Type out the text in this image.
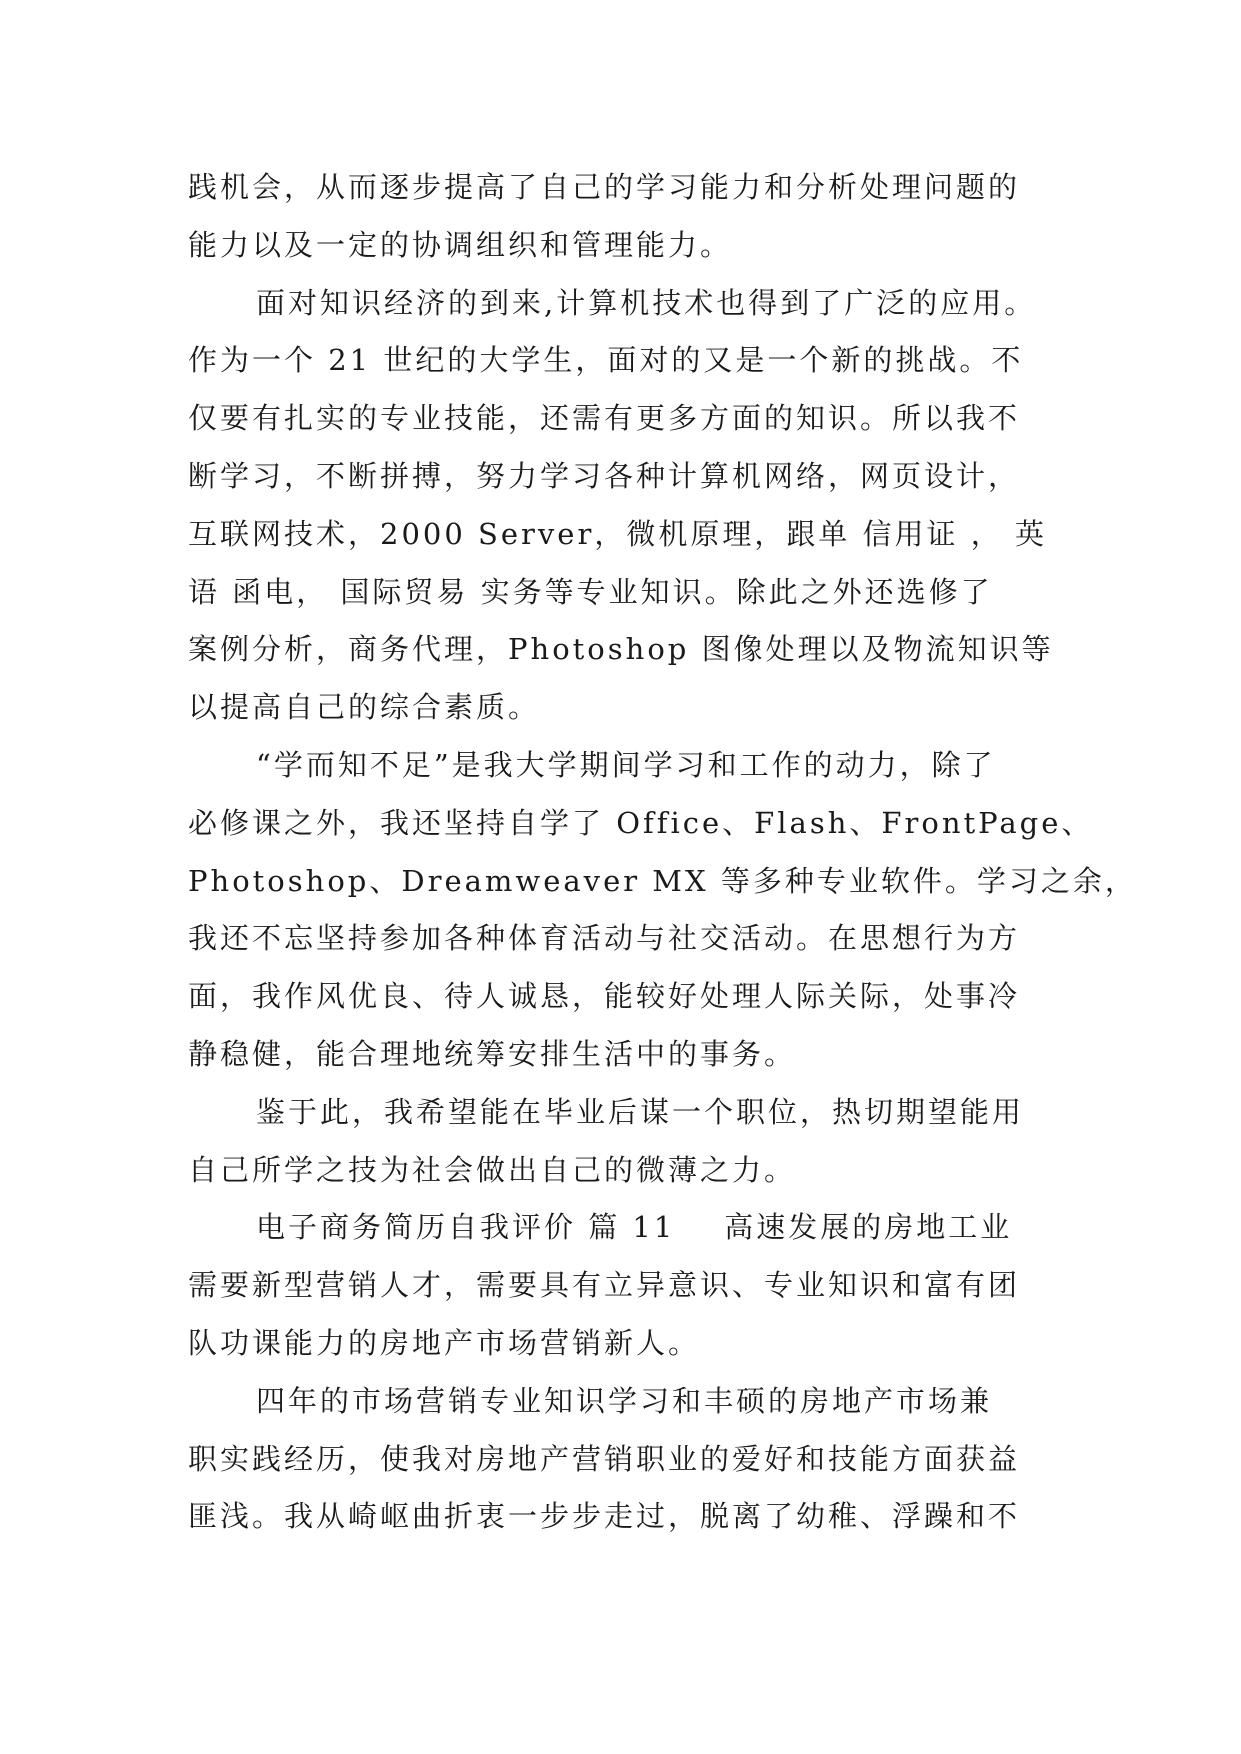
践机会，从而逐步提高了自己的学习能力和分析处理问题的
能力以及一定的协调组织和管理能力。
面对知识经济的到来,计算机技术也得到了广泛的应用。
作为一个 21 世纪的大学生，面对的又是一个新的挑战。不
仅要有扎实的专业技能，还需有更多方面的知识。所以我不
断学习，不断拼搏，努力学习各种计算机网络，网页设计，
互联网技术，2000 Server，微机原理，跟单 信用证 ， 英
语 函电， 国际贸易 实务等专业知识。除此之外还选修了
案例分析，商务代理，Photoshop 图像处理以及物流知识等
以提高自己的综合素质。
“学而知不足”是我大学期间学习和工作的动力，除了
必修课之外，我还坚持自学了 Office、Flash、FrontPage、
Photoshop、Dreamweaver MX 等多种专业软件。学习之余，
我还不忘坚持参加各种体育活动与社交活动。在思想行为方
面，我作风优良、待人诚恳，能较好处理人际关际，处事冷
静稳健，能合理地统筹安排生活中的事务。
鉴于此，我希望能在毕业后谋一个职位，热切期望能用
自己所学之技为社会做出自己的微薄之力。
电子商务简历自我评价 篇 11    高速发展的房地工业
需要新型营销人才，需要具有立异意识、专业知识和富有团
队功课能力的房地产市场营销新人。
四年的市场营销专业知识学习和丰硕的房地产市场兼
职实践经历，使我对房地产营销职业的爱好和技能方面获益
匪浅。我从崎岖曲折衷一步步走过，脱离了幼稚、浮躁和不
